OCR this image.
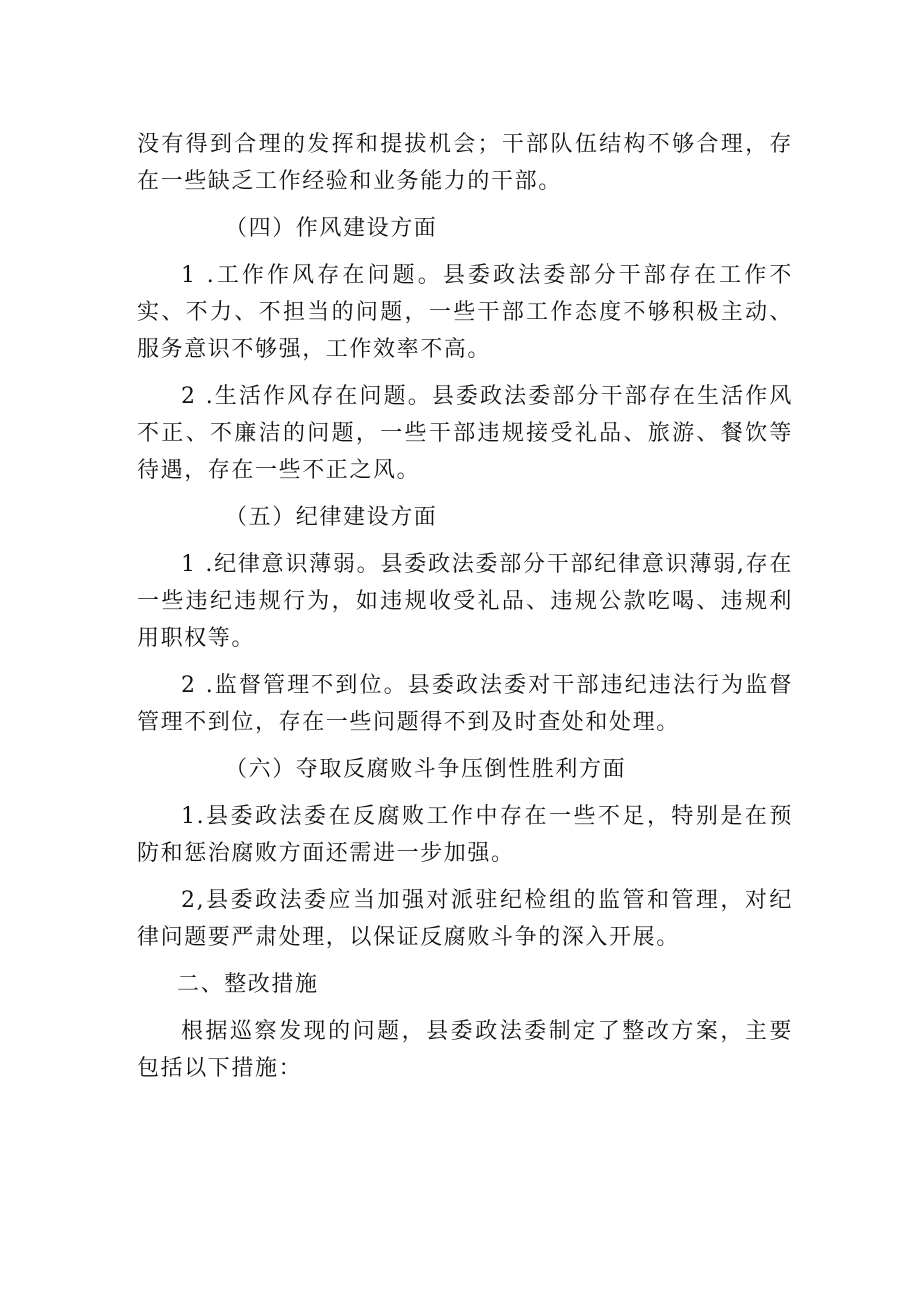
没有得到合理的发挥和提拔机会；干部队伍结构不够合理，存在一些缺乏工作经验和业务能力的干部。

（四）作风建设方面

1 .工作作风存在问题。县委政法委部分干部存在工作不实、不力、不担当的问题，一些干部工作态度不够积极主动、服务意识不够强，工作效率不高。

2 .生活作风存在问题。县委政法委部分干部存在生活作风不正、不廉洁的问题，一些干部违规接受礼品、旅游、餐饮等待遇，存在一些不正之风。

（五）纪律建设方面

1 .纪律意识薄弱。县委政法委部分干部纪律意识薄弱,存在一些违纪违规行为，如违规收受礼品、违规公款吃喝、违规利用职权等。

2 .监督管理不到位。县委政法委对干部违纪违法行为监督管理不到位，存在一些问题得不到及时查处和处理。

（六）夺取反腐败斗争压倒性胜利方面

1.县委政法委在反腐败工作中存在一些不足，特别是在预防和惩治腐败方面还需进一步加强。

2,县委政法委应当加强对派驻纪检组的监管和管理，对纪律问题要严肃处理，以保证反腐败斗争的深入开展。

二、整改措施

根据巡察发现的问题，县委政法委制定了整改方案，主要包括以下措施：
